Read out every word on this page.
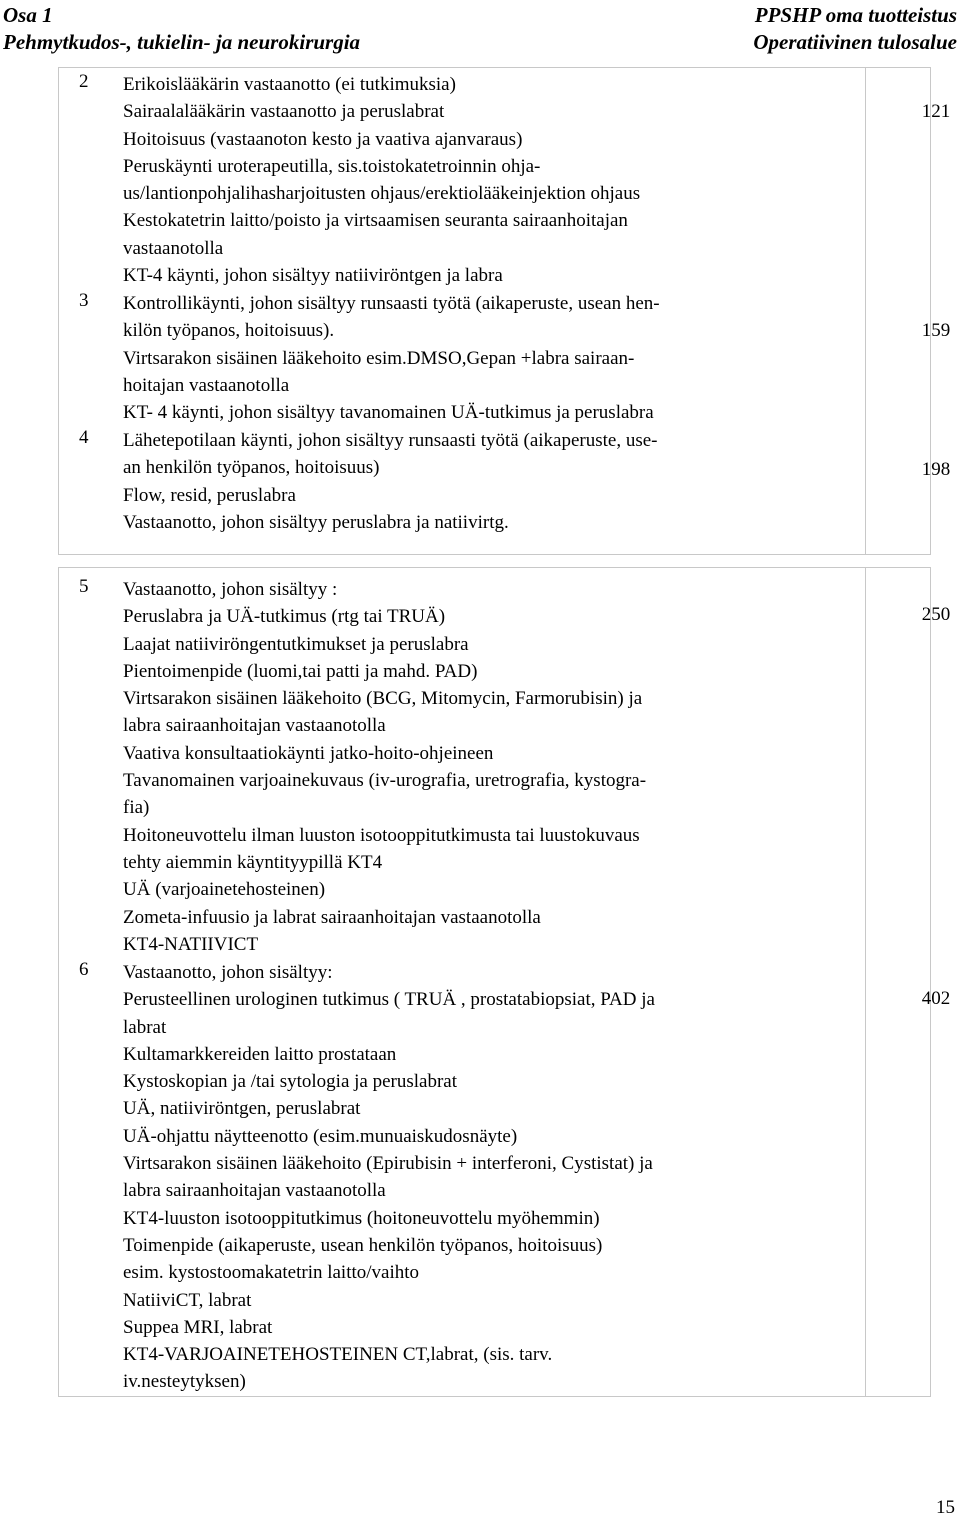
Osa 1
Pehmytkudos-, tukielin- ja neurokirurgia
PPSHP oma tuotteistus
Operatiivinen tulosalue
2 Erikoislääkärin vastaanotto (ei tutkimuksia)
Sairaalalääkärin vastaanotto ja peruslabrat
Hoitoisuus (vastaanoton kesto ja vaativa ajanvaraus)
Peruskäynti uroterapeutilla, sis.toistokatetroinnin ohja-
us/lantionpohjalihasharjoitusten ohjaus/erektiolääkeinjektion ohjaus
Kestokatetrin laitto/poisto ja virtsaamisen seuranta sairaanhoitajan
vastaanotolla
KT-4 käynti, johon sisältyy natiiviröntgen ja labra
121
3 Kontrollikäynti, johon sisältyy runsaasti työtä (aikaperuste, usean hen-
kilön työpanos, hoitoisuus).
Virtsarakon sisäinen lääkehoito esim.DMSO,Gepan +labra sairaan-
hoitajan vastaanotolla
KT- 4 käynti, johon sisältyy tavanomainen UÄ-tutkimus ja peruslabra
159
4 Lähetepotilaan käynti, johon sisältyy runsaasti työtä (aikaperuste, use-
an henkilön työpanos, hoitoisuus)
Flow, resid, peruslabra
Vastaanotto, johon sisältyy peruslabra ja natiivirtg.
198
5 Vastaanotto, johon sisältyy :
Peruslabra ja UÄ-tutkimus (rtg tai TRUÄ)
Laajat natiiviröngentutkimukset ja peruslabra
Pientoimenpide (luomi,tai patti ja mahd. PAD)
Virtsarakon sisäinen lääkehoito (BCG, Mitomycin, Farmorubisin) ja
labra sairaanhoitajan vastaanotolla
Vaativa konsultaatiokäynti jatko-hoito-ohjeineen
Tavanomainen varjoainekuvaus (iv-urografia, uretrografia, kystogra-
fia)
Hoitoneuvottelu ilman luuston isotooppitutkimusta tai luustokuvaus
tehty aiemmin käyntityypillä KT4
UÄ (varjoainetehosteinen)
Zometa-infuusio ja labrat sairaanhoitajan vastaanotolla
KT4-NATIIVICT
250
6 Vastaanotto, johon sisältyy:
Perusteellinen urologinen tutkimus ( TRUÄ , prostatabiopsiat, PAD ja
labrat
Kultamarkkereiden laitto prostataan
Kystoskopian ja /tai sytologia ja peruslabrat
UÄ, natiiviröntgen, peruslabrat
UÄ-ohjattu näytteenotto (esim.munuaiskudosnäyte)
Virtsarakon sisäinen lääkehoito (Epirubisin + interferoni, Cystistat) ja
labra sairaanhoitajan vastaanotolla
KT4-luuston isotooppitutkimus (hoitoneuvottelu myöhemmin)
Toimenpide (aikaperuste, usean henkilön työpanos, hoitoisuus)
esim. kystostoomakatetrin laitto/vaihto
NatiiviCT, labrat
Suppea MRI, labrat
KT4-VARJOAINETEHOSTEINEN CT,labrat, (sis. tarv.
iv.nesteytyksen)
402
15
